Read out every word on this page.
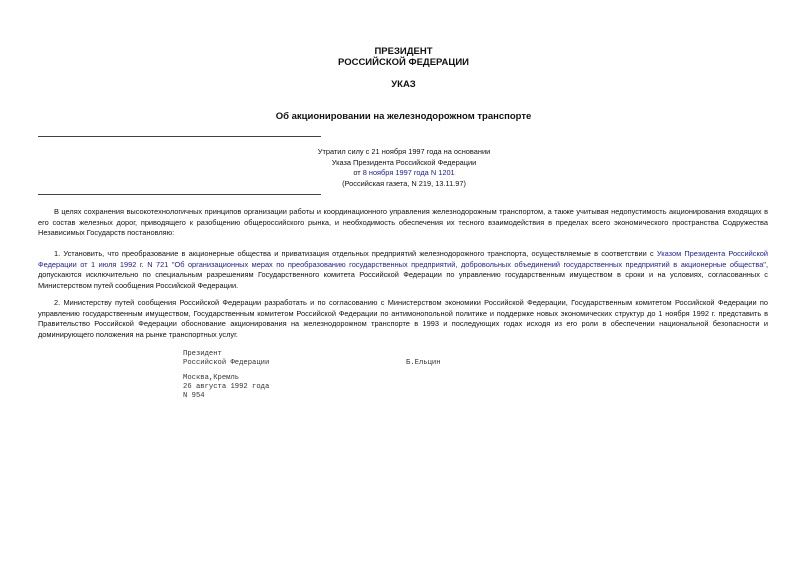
ПРЕЗИДЕНТ
РОССИЙСКОЙ ФЕДЕРАЦИИ
УКАЗ
Об акционировании на железнодорожном транспорте
Утратил силу с 21 ноября 1997 года на основании
Указа Президента Российской Федерации
от 8 ноября 1997 года N 1201
(Российская газета, N 219, 13.11.97)
В целях сохранения высокотехнологичных принципов организации работы и координационного управления железнодорожным транспортом, а также учитывая недопустимость акционирования входящих в его состав железных дорог, приводящего к разобщению общероссийского рынка, и необходимость обеспечения их тесного взаимодействия в пределах всего экономического пространства Содружества Независимых Государств постановляю:
1. Установить, что преобразование в акционерные общества и приватизация отдельных предприятий железнодорожного транспорта, осуществляемые в соответствии с Указом Президента Российской Федерации от 1 июля 1992 г. N 721 "Об организационных мерах по преобразованию государственных предприятий, добровольных объединений государственных предприятий в акционерные общества", допускаются исключительно по специальным разрешениям Государственного комитета Российской Федерации по управлению государственным имуществом в сроки и на условиях, согласованных с Министерством путей сообщения Российской Федерации.
2. Министерству путей сообщения Российской Федерации разработать и по согласованию с Министерством экономики Российской Федерации, Государственным комитетом Российской Федерации по управлению государственным имуществом, Государственным комитетом Российской Федерации по антимонопольной политике и поддержке новых экономических структур до 1 ноября 1992 г. представить в Правительство Российской Федерации обоснование акционирования на железнодорожном транспорте в 1993 и последующих годах исходя из его роли в обеспечении национальной безопасности и доминирующего положения на рынке транспортных услуг.
Президент
Российской Федерации	Б.Ельцин
Москва,Кремль
26 августа 1992 года
N 954
